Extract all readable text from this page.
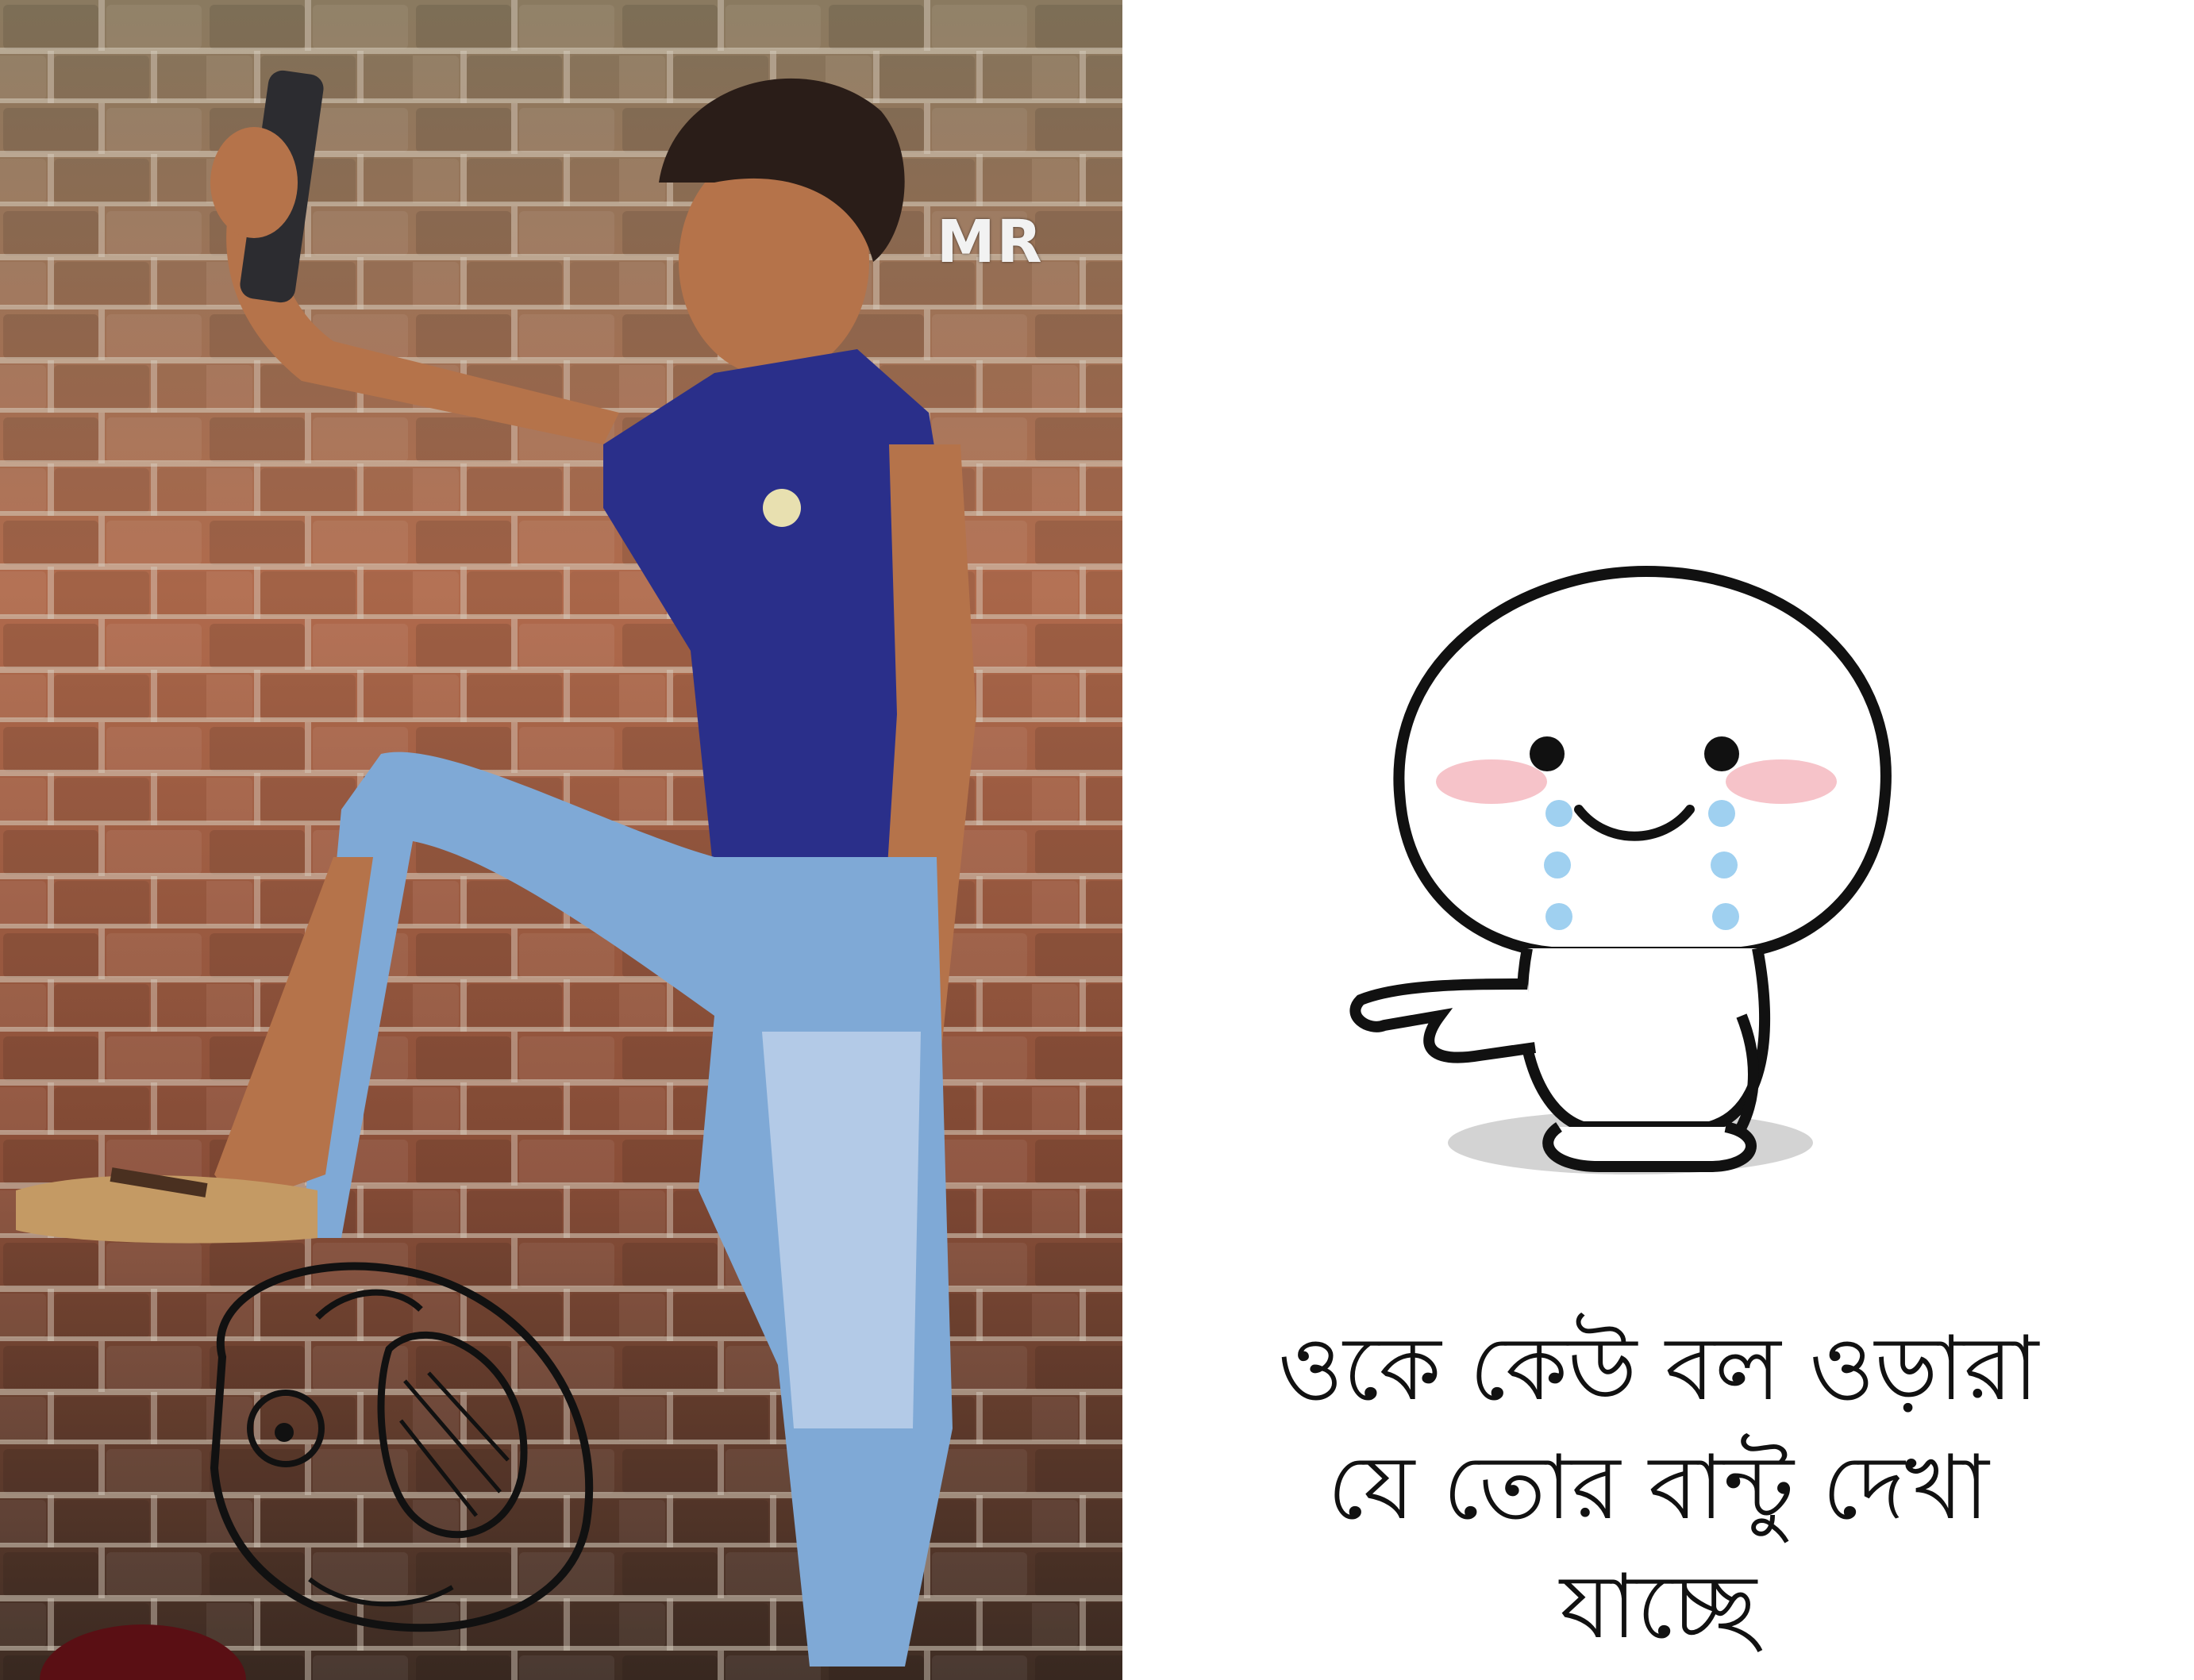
MR
ওকে কেউ বল ওড়ারা
যে তোর বান্টু দেখা
যাচ্ছে
